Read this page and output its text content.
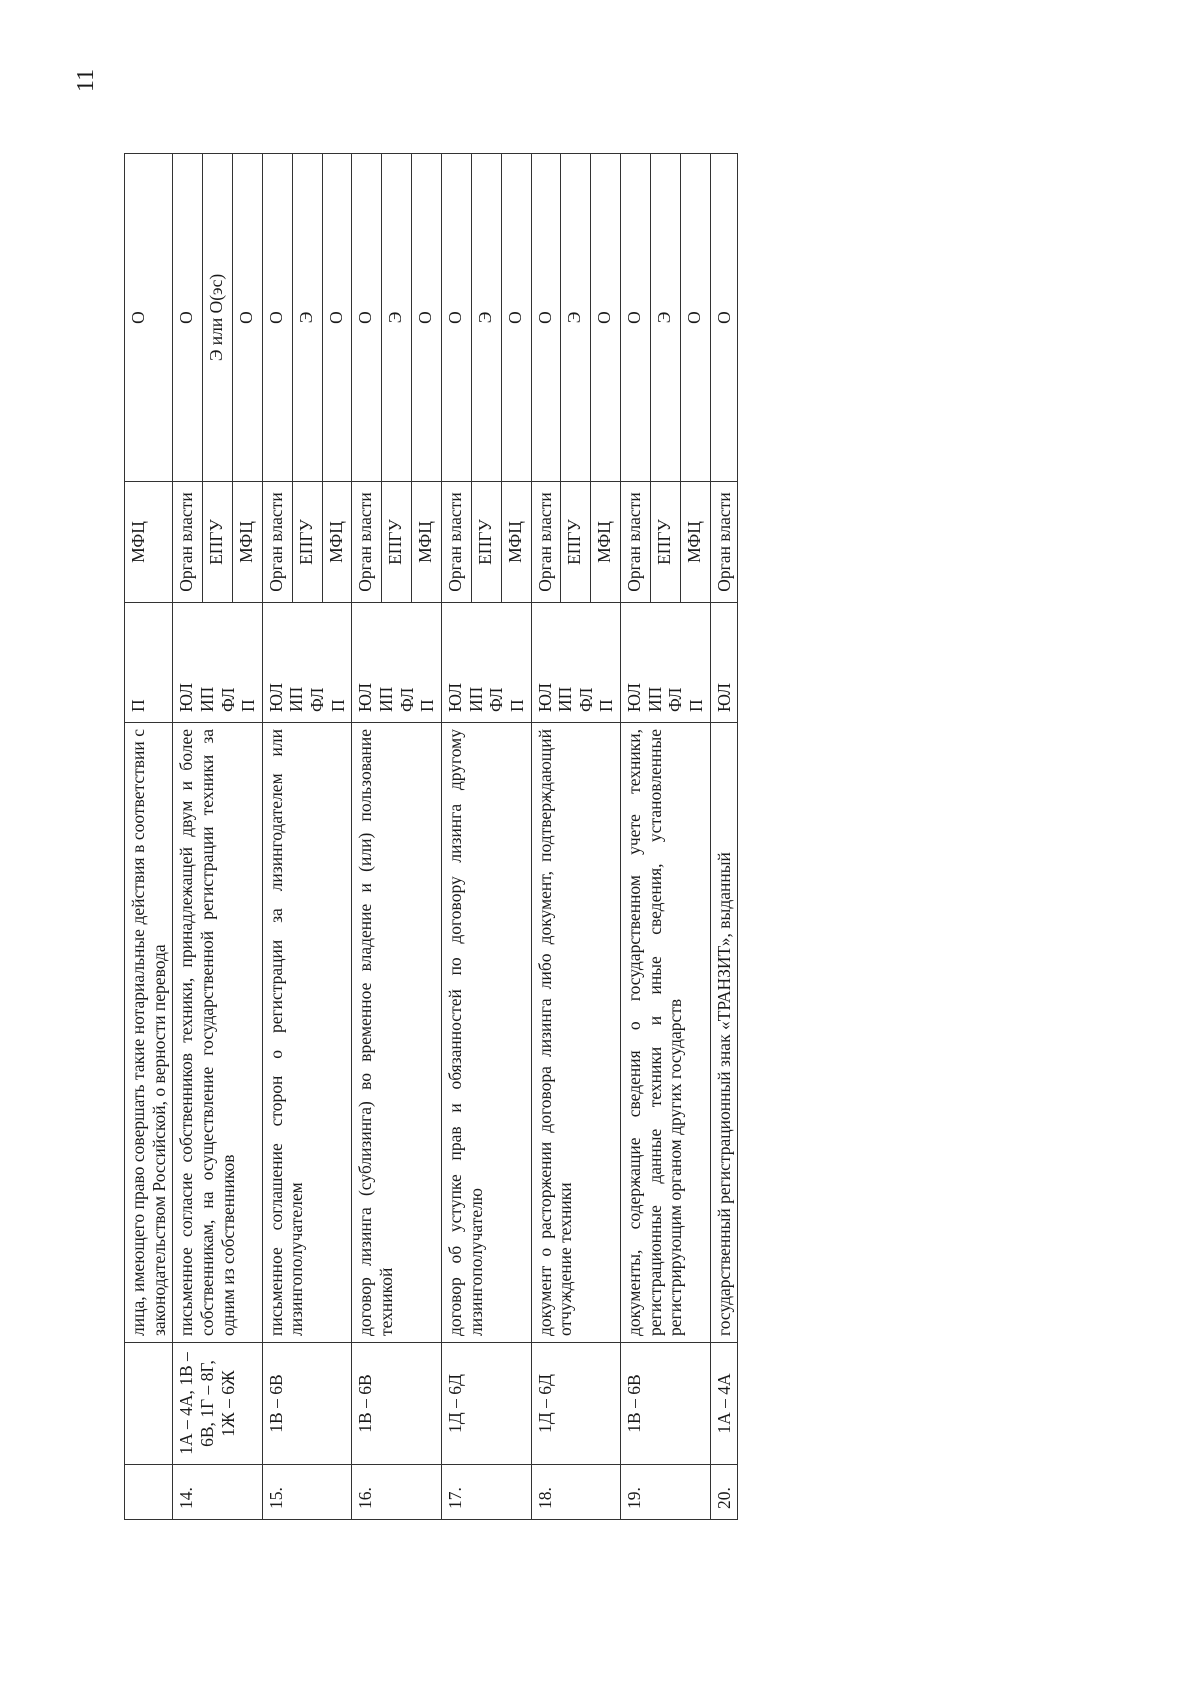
11
		лица, имеющего право совершать такие нотариальные действия в соответствии с законодательством Российской, о верности перевода	П	МФЦ	О
14.	1А – 4А, 1В – 6В, 1Г – 8Г, 1Ж – 6Ж	письменное согласие собственников техники, принадлежащей двум и более собственникам, на осуществление государственной регистрации техники за одним из собственников	ЮЛ ИП ФЛ П	Орган власти	О
				ЕПГУ	Э или О(эс)
				МФЦ	О
15.	1В – 6В	письменное соглашение сторон о регистрации за лизингодателем или лизингополучателем	ЮЛ ИП ФЛ П	Орган власти	О
				ЕПГУ	Э
				МФЦ	О
16.	1В – 6В	договор лизинга (сублизинга) во временное владение и (или) пользование техникой	ЮЛ ИП ФЛ П	Орган власти	О
				ЕПГУ	Э
				МФЦ	О
17.	1Д – 6Д	договор об уступке прав и обязанностей по договору лизинга другому лизингополучателю	ЮЛ ИП ФЛ П	Орган власти	О
				ЕПГУ	Э
				МФЦ	О
18.	1Д – 6Д	документ о расторжении договора лизинга либо документ, подтверждающий отчуждение техники	ЮЛ ИП ФЛ П	Орган власти	О
				ЕПГУ	Э
				МФЦ	О
19.	1В – 6В	документы, содержащие сведения о государственном учете техники, регистрационные данные техники и иные сведения, установленные регистрирующим органом других государств	ЮЛ ИП ФЛ П	Орган власти	О
				ЕПГУ	Э
				МФЦ	О
20.	1А – 4А	государственный регистрационный знак «ТРАНЗИТ», выданный	ЮЛ	Орган власти	О
